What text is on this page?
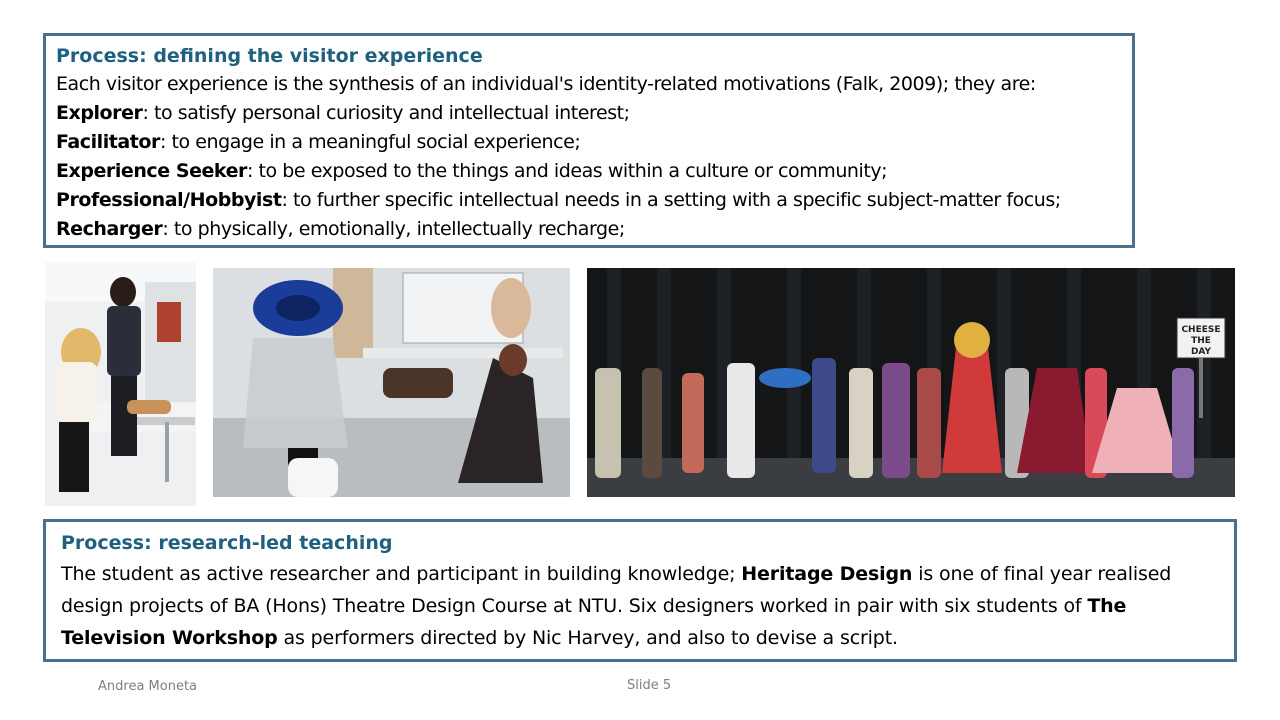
Process: defining the visitor experience
Each visitor experience is the synthesis of an individual's identity-related motivations (Falk, 2009); they are:
Explorer: to satisfy personal curiosity and intellectual interest;
Facilitator: to engage in a meaningful social experience;
Experience Seeker: to be exposed to the things and ideas within a culture or community;
Professional/Hobbyist: to further specific intellectual needs in a setting with a specific subject-matter focus;
Recharger: to physically, emotionally, intellectually recharge;
CHEESE
THE
DAY
Process: research-led teaching
The student as active researcher and participant in building knowledge; Heritage Design is one of final year realised
design projects of BA (Hons) Theatre Design Course at NTU. Six designers worked in pair with six students of The
Television Workshop as performers directed by Nic Harvey, and also to devise a script.
Andrea Moneta	Slide 5
